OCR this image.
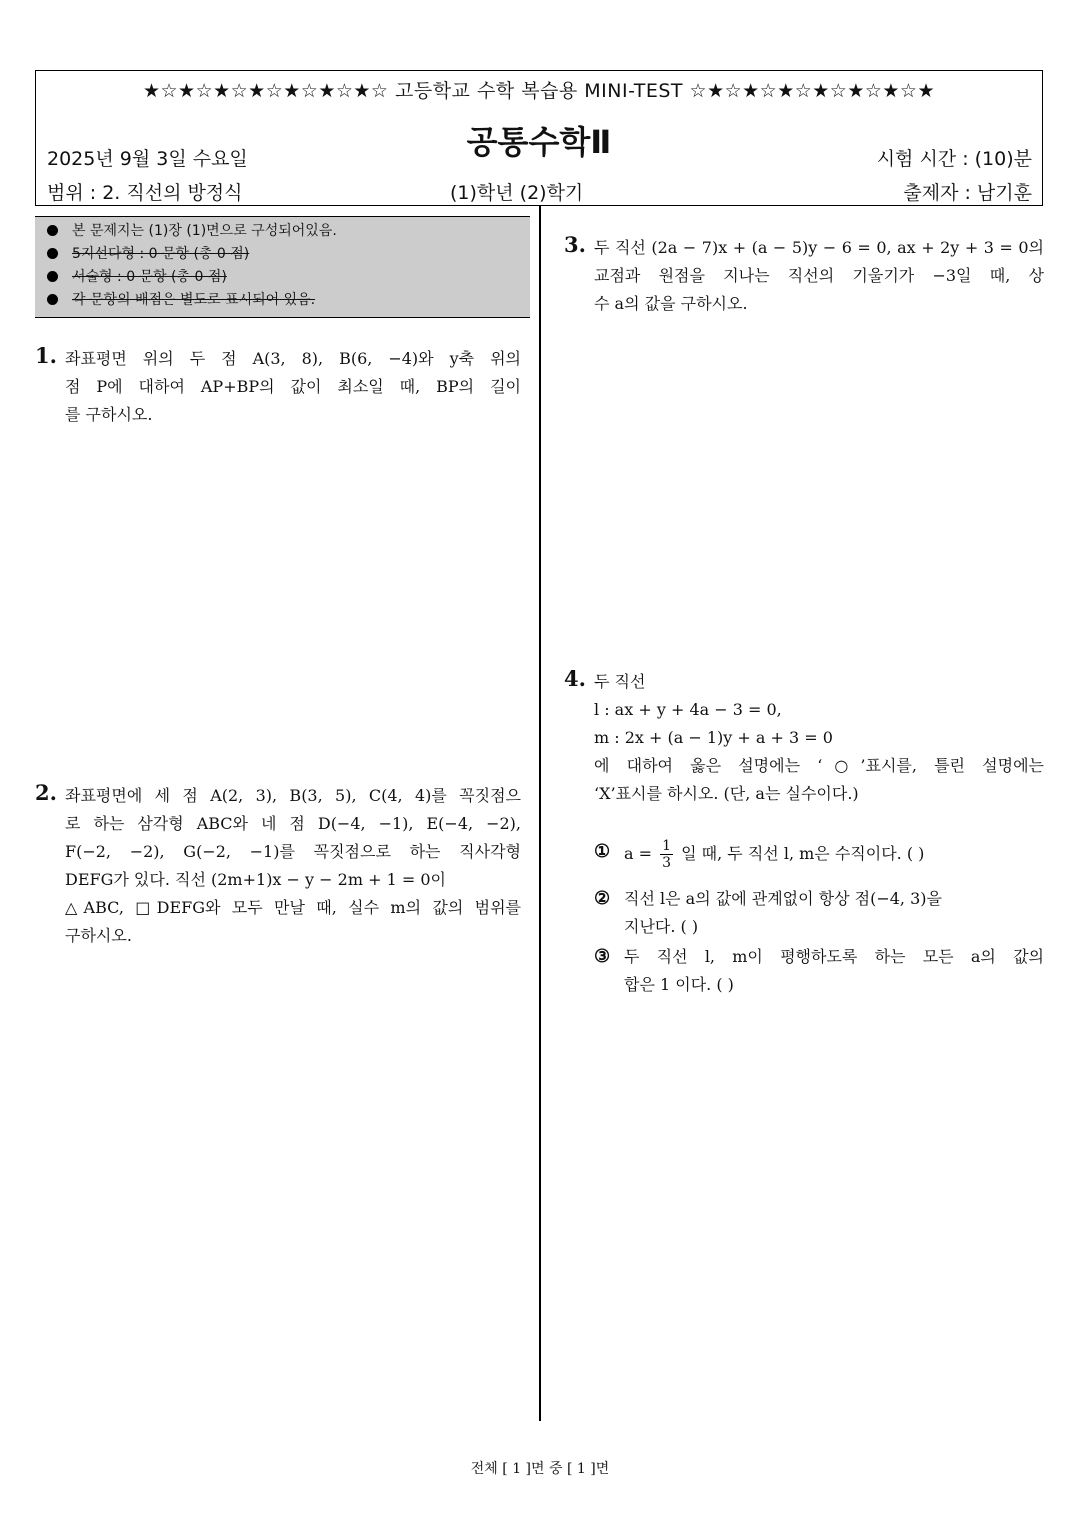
★☆★☆★☆★☆★☆★☆★☆ 고등학교 수학 복습용 MINI-TEST ☆★☆★☆★☆★☆★☆★☆★
공통수학Ⅱ
2025년 9월 3일 수요일	시험 시간 : (10)분
범위 : 2. 직선의 방정식	(1)학년 (2)학기	출제자 : 남기훈
본 문제지는 (1)장 (1)면으로 구성되어있음.
5지선다형 : 0 문항 (총 0 점)
서술형 : 0 문항 (총 0 점)
각 문항의 배점은 별도로 표시되어 있음.
1. 좌표평면 위의 두 점 A(3, 8), B(6, −4)와 y축 위의
점 P에 대하여 AP+BP의 값이 최소일 때, BP의 길이
를 구하시오.
2. 좌표평면에 세 점 A(2, 3), B(3, 5), C(4, 4)를 꼭짓점으
로 하는 삼각형 ABC와 네 점 D(−4, −1), E(−4, −2),
F(−2, −2), G(−2, −1)를 꼭짓점으로 하는 직사각형
DEFG가 있다. 직선 (2m+1)x − y − 2m + 1 = 0이
△ABC, □DEFG와 모두 만날 때, 실수 m의 값의 범위를
구하시오.
3. 두 직선 (2a − 7)x + (a − 5)y − 6 = 0, ax + 2y + 3 = 0의
교점과 원점을 지나는 직선의 기울기가 −3일 때, 상
수 a의 값을 구하시오.
4. 두 직선
l : ax + y + 4a − 3 = 0,
m : 2x + (a − 1)y + a + 3 = 0
에 대하여 옳은 설명에는 ‘○’표시를, 틀린 설명에는
‘X’표시를 하시오. (단, a는 실수이다.)
① $a = \frac{1}{3}$ 일 때, 두 직선 l, m은 수직이다. ( )
② 직선 l은 a의 값에 관계없이 항상 점(−4, 3)을
지난다. ( )
③ 두 직선 l, m이 평행하도록 하는 모든 a의 값의
합은 1 이다. ( )
전체 [ 1 ]면 중 [ 1 ]면
